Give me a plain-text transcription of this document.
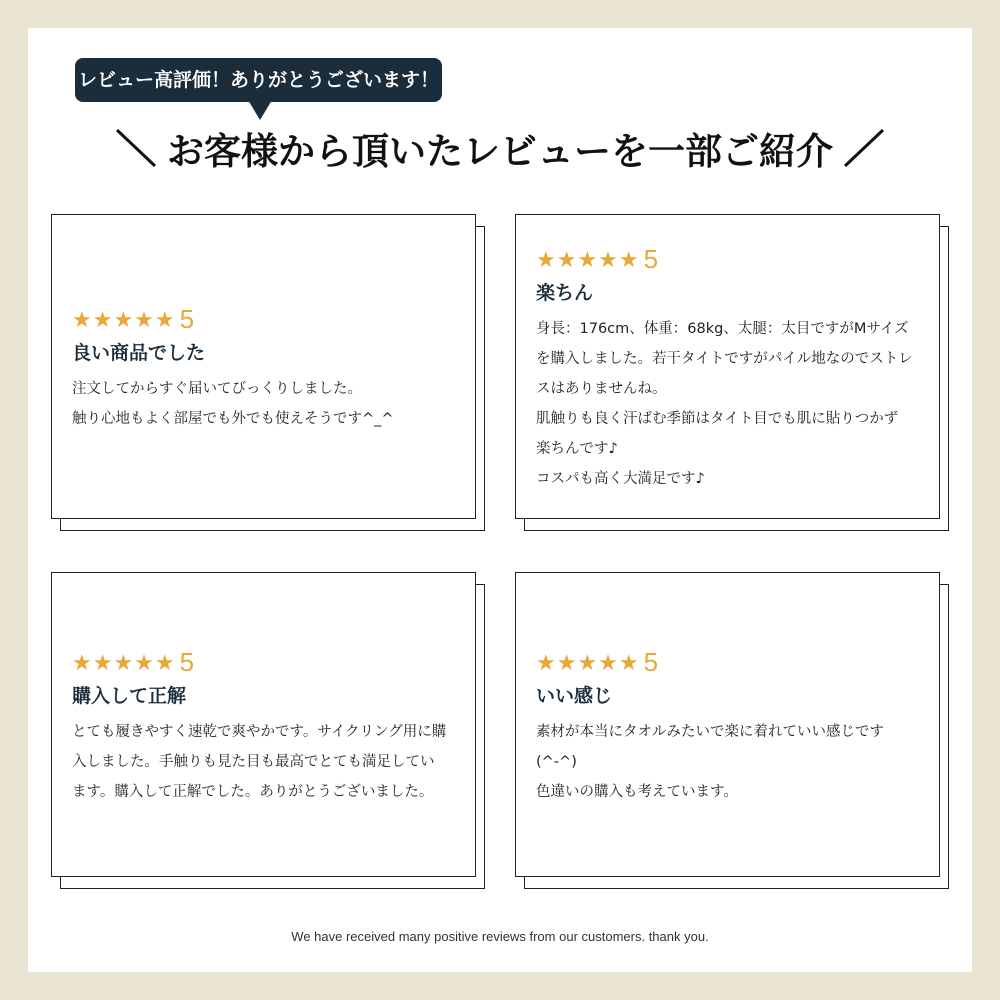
レビュー高評価！ありがとうございます！
お客様から頂いたレビューを一部ご紹介
★★★★★ 5
良い商品でした
注文してからすぐ届いてびっくりしました。
触り心地もよく部屋でも外でも使えそうです^_^
★★★★★ 5
楽ちん
身長：176cm、体重：68kg、太腿：太目ですがMサイズ
を購入しました。若干タイトですがパイル地なのでストレ
スはありませんね。
肌触りも良く汗ばむ季節はタイト目でも肌に貼りつかず
楽ちんです♪
コスパも高く大満足です♪
★★★★★ 5
購入して正解
とても履きやすく速乾で爽やかです。サイクリング用に購
入しました。手触りも見た目も最高でとても満足してい
ます。購入して正解でした。ありがとうございました。
★★★★★ 5
いい感じ
素材が本当にタオルみたいで楽に着れていい感じです
(^-^)
色違いの購入も考えています。
We have received many positive reviews from our customers. thank you.
